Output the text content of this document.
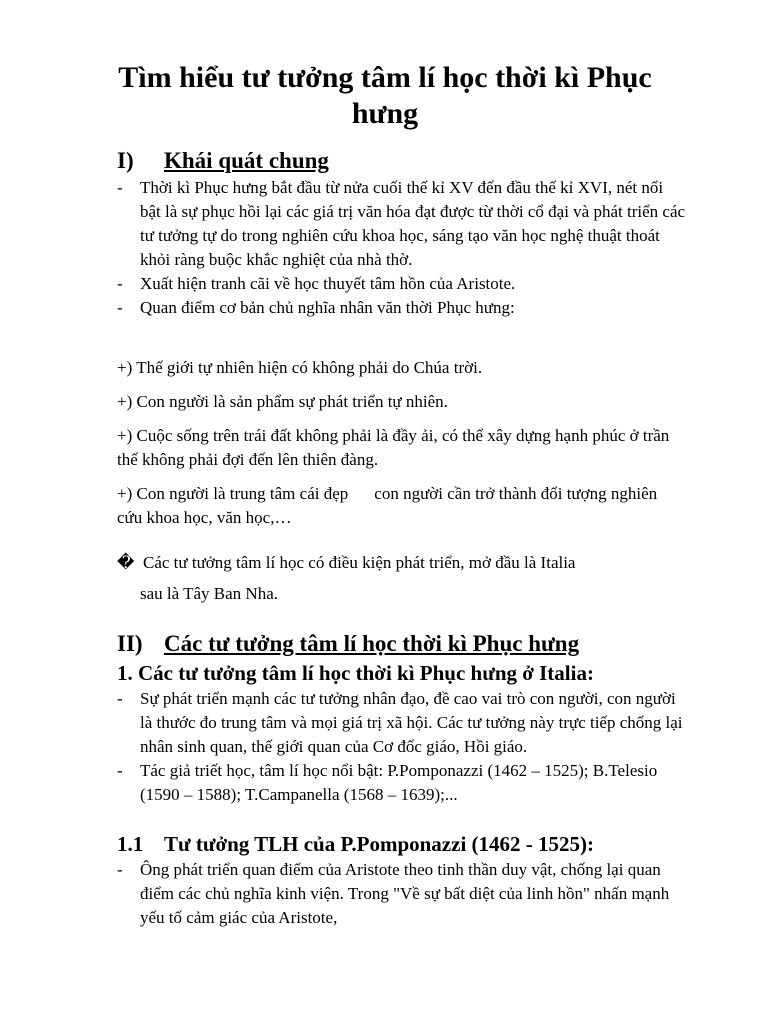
Tìm hiểu tư tưởng tâm lí học thời kì Phục hưng
I) Khái quát chung
- Thời kì Phục hưng bắt đầu từ nửa cuối thế kỉ XV đến đầu thế kỉ XVI, nét nổi bật là sự phục hồi lại các giá trị văn hóa đạt được từ thời cổ đại và phát triển các tư tưởng tự do trong nghiên cứu khoa học, sáng tạo văn học nghệ thuật thoát khỏi ràng buộc khắc nghiệt của nhà thờ.
- Xuất hiện tranh cãi về học thuyết tâm hồn của Aristote.
- Quan điểm cơ bản chủ nghĩa nhân văn thời Phục hưng:

+) Thế giới tự nhiên hiện có không phải do Chúa trời.

+) Con người là sản phẩm sự phát triển tự nhiên.

+) Cuộc sống trên trái đất không phải là đầy ải, có thể xây dựng hạnh phúc ở trần thế không phải đợi đến lên thiên đàng.

+) Con người là trung tâm cái đẹp con người cần trở thành đối tượng nghiên cứu khoa học, văn học,…

� Các tư tưởng tâm lí học có điều kiện phát triển, mở đầu là Italia
sau là Tây Ban Nha.

II) Các tư tưởng tâm lí học thời kì Phục hưng
1. Các tư tưởng tâm lí học thời kì Phục hưng ở Italia:
- Sự phát triển mạnh các tư tưởng nhân đạo, đề cao vai trò con người, con người là thước đo trung tâm và mọi giá trị xã hội. Các tư tưởng này trực tiếp chống lại nhân sinh quan, thế giới quan của Cơ đốc giáo, Hồi giáo.
- Tác giả triết học, tâm lí học nổi bật: P.Pomponazzi (1462 – 1525); B.Telesio (1590 – 1588); T.Campanella (1568 – 1639);...
1.1 Tư tưởng TLH của P.Pomponazzi (1462 - 1525):
- Ông phát triển quan điểm của Aristote theo tinh thần duy vật, chống lại quan điểm các chủ nghĩa kinh viện. Trong "Về sự bất diệt của linh hồn" nhấn mạnh yếu tố cảm giác của Aristote,
